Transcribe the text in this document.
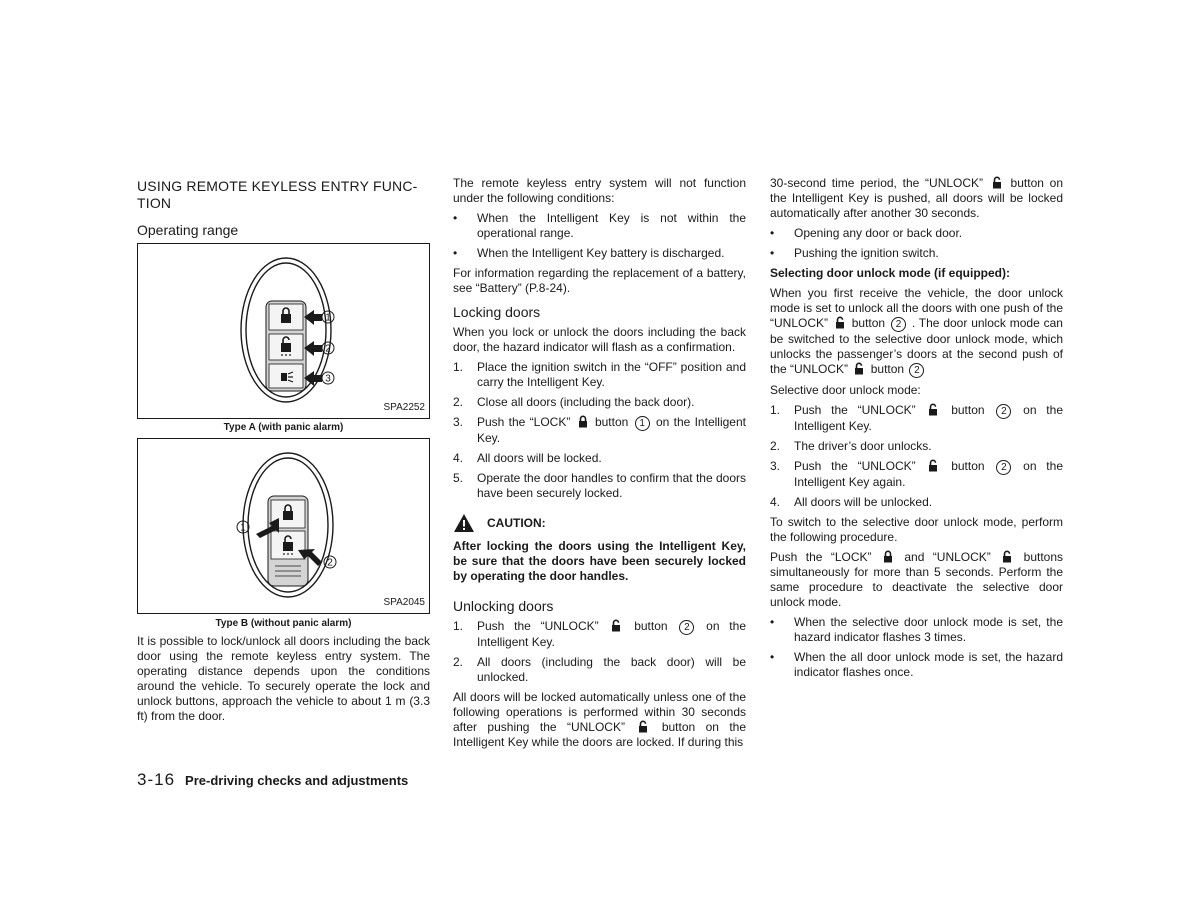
USING REMOTE KEYLESS ENTRY FUNC-TION
Operating range
1
2
3
SPA2252
Type A (with panic alarm)
1
2
SPA2045
Type B (without panic alarm)

It is possible to lock/unlock all doors including the back door using the remote keyless entry system. The operating distance depends upon the conditions around the vehicle. To securely operate the lock and unlock buttons, approach the vehicle to about 1 m (3.3 ft) from the door.

The remote keyless entry system will not function under the following conditions:

• When the Intelligent Key is not within the operational range.
• When the Intelligent Key battery is discharged.

For information regarding the replacement of a battery, see “Battery” (P.8-24).

Locking doors

When you lock or unlock the doors including the back door, the hazard indicator will flash as a confirmation.

1. Place the ignition switch in the “OFF” position and carry the Intelligent Key.
2. Close all doors (including the back door).
3. Push the “LOCK” button 1 on the Intelligent Key.
4. All doors will be locked.
5. Operate the door handles to confirm that the doors have been securely locked.
CAUTION:

After locking the doors using the Intelligent Key, be sure that the doors have been securely locked by operating the door handles.

Unlocking doors
1. Push the “UNLOCK”	button 2 on the Intelligent Key.
2. All doors (including the back door) will be unlocked.

All doors will be locked automatically unless one of the following operations is performed within 30 seconds after pushing the “UNLOCK”	button on the Intelligent Key while the doors are locked. If during this

30-second time period, the “UNLOCK” button on the Intelligent Key is pushed, all doors will be locked automatically after another 30 seconds.

• Opening any door or back door.
• Pushing the ignition switch.

Selecting door unlock mode (if equipped):

When you first receive the vehicle, the door unlock mode is set to unlock all the doors with one push of the “UNLOCK” button 2 . The door unlock mode can be switched to the selective door unlock mode, which unlocks the passenger’s doors at the second push of the “UNLOCK” button 2

Selective door unlock mode:

1. Push the “UNLOCK”	button 2 on the Intelligent Key.
2. The driver’s door unlocks.
3. Push the “UNLOCK”	button 2 on the Intelligent Key again.
4. All doors will be unlocked.

To switch to the selective door unlock mode, perform the following procedure.

Push the “LOCK”	and “UNLOCK”	buttons simultaneously for more than 5 seconds. Perform the same procedure to deactivate the selective door unlock mode.

• When the selective door unlock mode is set, the hazard indicator flashes 3 times.
• When the all door unlock mode is set, the hazard indicator flashes once.
3-16 Pre-driving checks and adjustments
